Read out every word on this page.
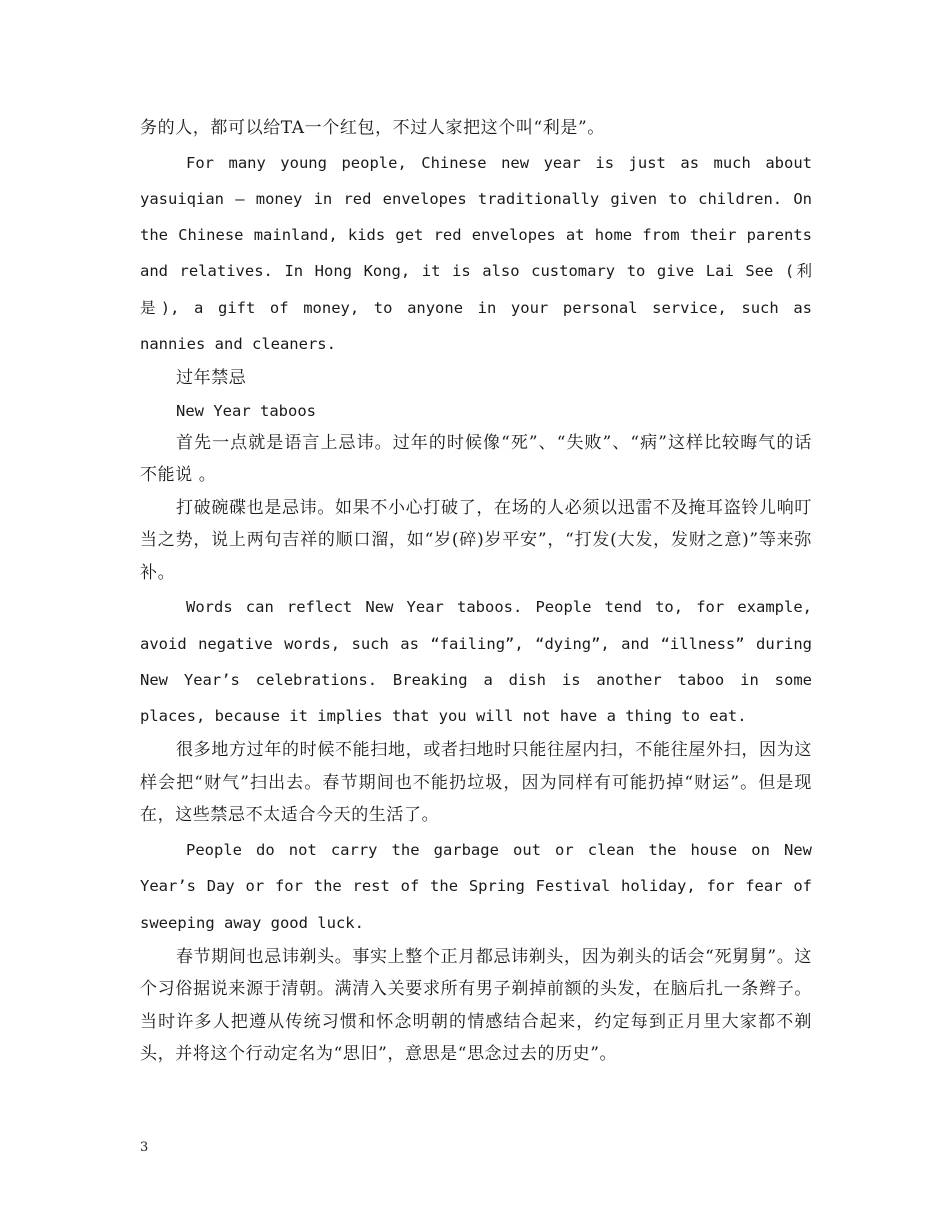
务的人，都可以给TA一个红包，不过人家把这个叫“利是”。

For many young people, Chinese new year is just as much about yasuiqian — money in red envelopes traditionally given to children. On the Chinese mainland, kids get red envelopes at home from their parents and relatives. In Hong Kong, it is also customary to give Lai See (利是), a gift of money, to anyone in your personal service, such as nannies and cleaners.

过年禁忌

New Year taboos

首先一点就是语言上忌讳。过年的时候像“死”、“失败”、“病”这样比较晦气的话不能说 。

打破碗碟也是忌讳。如果不小心打破了，在场的人必须以迅雷不及掩耳盗铃儿响叮当之势，说上两句吉祥的顺口溜，如“岁(碎)岁平安”，“打发(大发，发财之意)”等来弥补。

Words can reflect New Year taboos. People tend to, for example, avoid negative words, such as “failing”, “dying”, and “illness” during New Year’s celebrations. Breaking a dish is another taboo in some places, because it implies that you will not have a thing to eat.

很多地方过年的时候不能扫地，或者扫地时只能往屋内扫，不能往屋外扫，因为这样会把“财气”扫出去。春节期间也不能扔垃圾，因为同样有可能扔掉“财运”。但是现在，这些禁忌不太适合今天的生活了。

People do not carry the garbage out or clean the house on New Year’s Day or for the rest of the Spring Festival holiday, for fear of sweeping away good luck.

春节期间也忌讳剃头。事实上整个正月都忌讳剃头，因为剃头的话会“死舅舅”。这个习俗据说来源于清朝。满清入关要求所有男子剃掉前额的头发，在脑后扎一条辫子。当时许多人把遵从传统习惯和怀念明朝的情感结合起来，约定每到正月里大家都不剃头，并将这个行动定名为“思旧”，意思是“思念过去的历史”。

3
